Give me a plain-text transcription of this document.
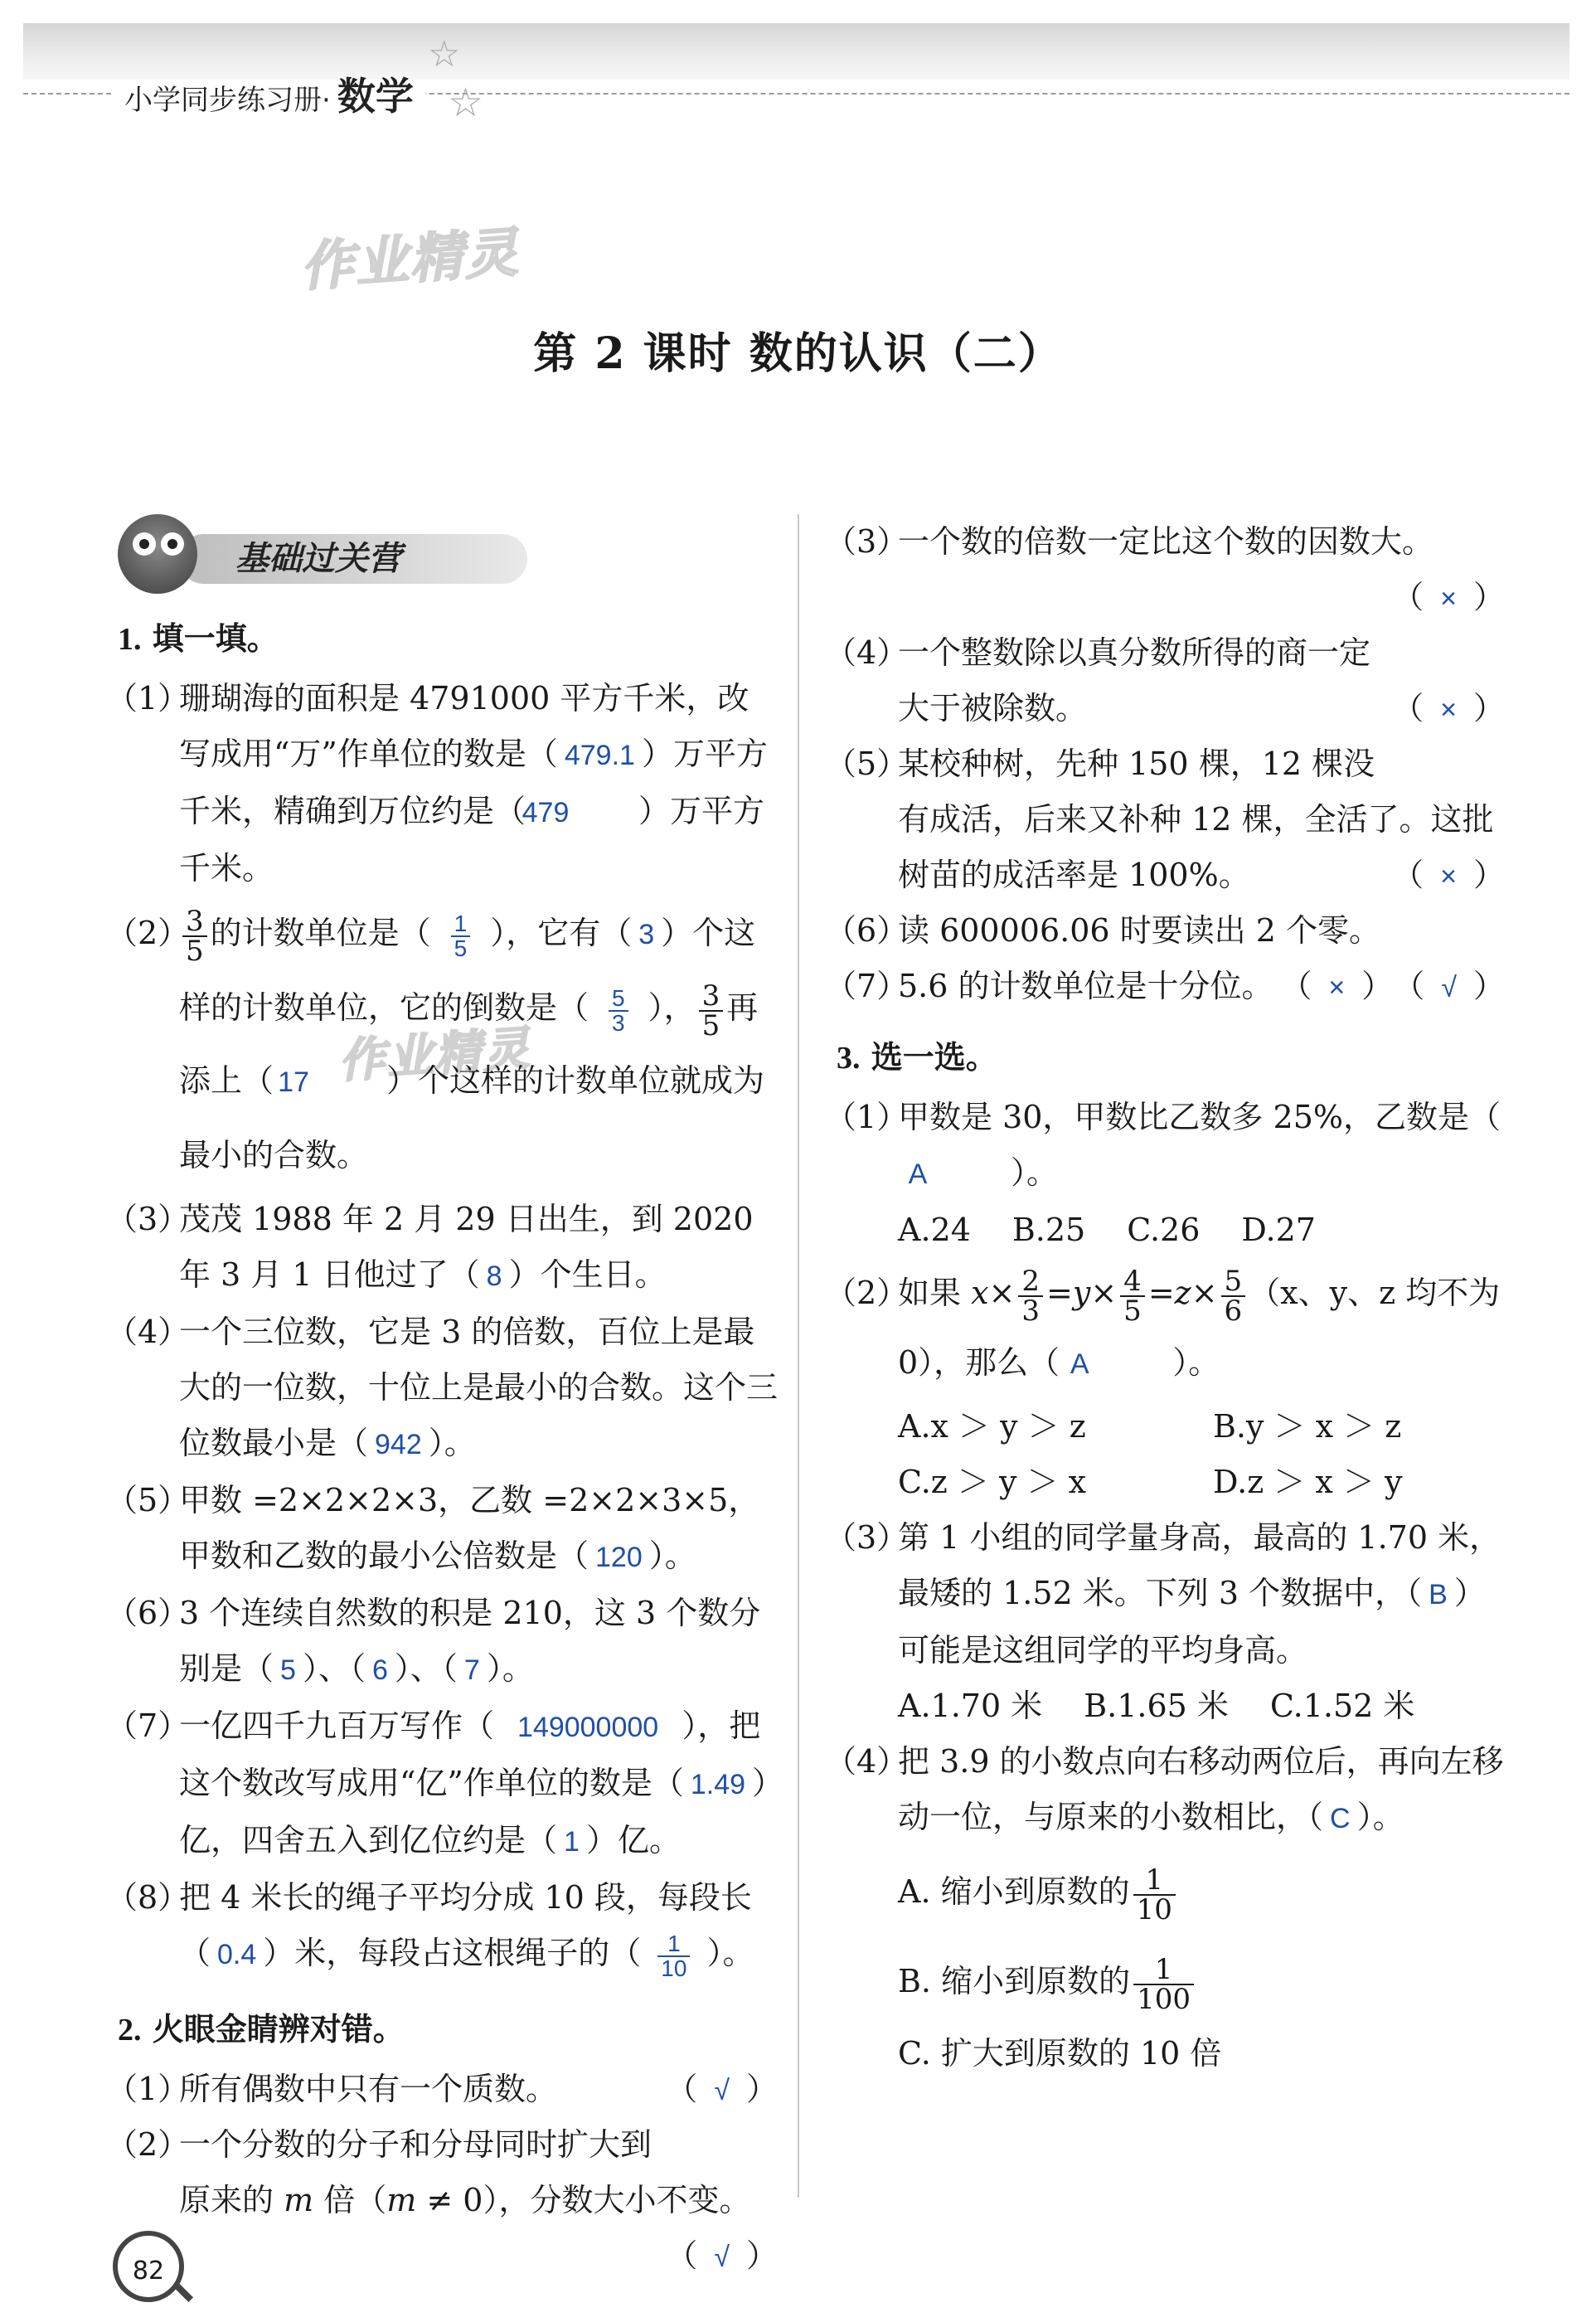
小学同步练习册· 数学
☆
☆
作业精灵
作业精灵
第 2 课时 数的认识（二）
基础过关营
1. 填一填。
（1）珊瑚海的面积是 4791000 平方千米，改写成用“万”作单位的数是（ 479.1 ）万平方千米，精确到万位约是（479 ）万平方千米。
（2）
$\frac{3}{5}$ 的计数单位是（ $\frac{1}{5}$ ），它有（ 3 ）个这样的计数单位，它的倒数是（ $\frac{5}{3}$ ）， $\frac{3}{5}$ 再添上（ 17 ）个这样的计数单位就成为最小的合数。
（3）茂茂 1988 年 2 月 29 日出生，到 2020 年 3 月 1 日他过了（ 8 ）个生日。
（4）一个三位数，它是 3 的倍数，百位上是最大的一位数，十位上是最小的合数。这个三位数最小是（ 942 ）。
（5）甲数 =2×2×2×3，乙数 =2×2×3×5，甲数和乙数的最小公倍数是（ 120 ）。
（6）3 个连续自然数的积是 210，这 3 个数分别是（ 5 ）、（ 6 ）、（ 7 ）。
（7）一亿四千九百万写作（ 149000000 ），把这个数改写成用“亿”作单位的数是（ 1.49 ）亿，四舍五入到亿位约是（ 1 ）亿。
（8）把 4 米长的绳子平均分成 10 段，每段长（ 0.4 ）米，每段占这根绳子的（ $\frac{1}{10}$ ）。
2. 火眼金睛辨对错。
（1）所有偶数中只有一个质数。	（ √ ）
（2）一个分数的分子和分母同时扩大到原来的 m 倍（m ≠ 0），分数大小不变。
（ √ ）
（3）一个数的倍数一定比这个数的因数大。

（ × ）

（4）一个整数除以真分数所得的商一定大于被除数。	（ × ）
（5）某校种树，先种 150 棵，12 棵没有成活，后来又补种 12 棵，全活了。这批树苗的成活率是 100%。	（ × ）
（6）读 600006.06 时要读出 2 个零。
（ √ ）
（7）5.6 的计数单位是十分位。 （ × ）
3. 选一选。
（1）甲数是 30，甲数比乙数多 25%，乙数是（A	）。
A.24 B.25 C.26 D.27
（2）如果 $x\times \frac{2}{3} =y\times \frac{4}{5} =z\times \frac{5}{6} (x$、y、z 均不为 0），那么（ A	）。
A.x ＞ y ＞ z	B.y ＞ x ＞ z
C.z ＞ y ＞ x	D.z ＞ x ＞ y
（3）第 1 小组的同学量身高，最高的 1.70 米，最矮的 1.52 米。下列 3 个数据中，（ B ）可能是这组同学的平均身高。
A.1.70 米 B.1.65 米 C.1.52 米
（4）把 3.9 的小数点向右移动两位后，再向左移动一位，与原来的小数相比，（ C ）。
A. 缩小到原数的 $\frac{1}{10}$
B. 缩小到原数的 $\frac{1}{100}$
C. 扩大到原数的 10 倍
82
